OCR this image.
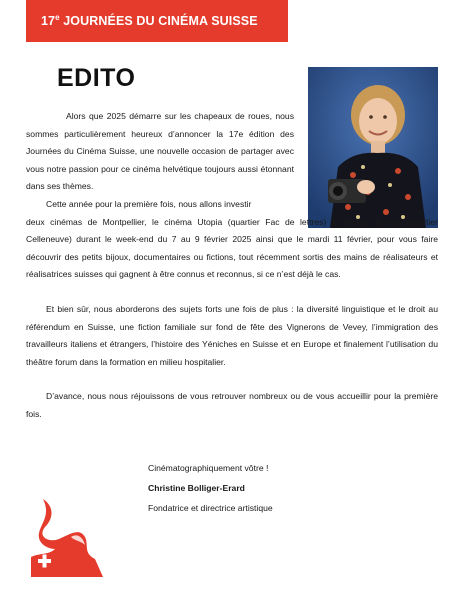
17e JOURNÉES DU CINÉMA SUISSE
EDITO

Alors que 2025 démarre sur les chapeaux de roues, nous sommes particulièrement heureux d’annoncer la 17e édition des Journées du Cinéma Suisse, une nouvelle occasion de partager avec vous notre passion pour ce cinéma helvétique toujours aussi étonnant dans ses thèmes.

Cette année pour la première fois, nous allons investir

deux cinémas de Montpellier, le cinéma Utopia (quartier Fac de lettres) et Nestor Burma (quartier Celleneuve) durant le week-end du 7 au 9 février 2025 ainsi que le mardi 11 février, pour vous faire découvrir des petits bijoux, documentaires ou fictions, tout récemment sortis des mains de réalisateurs et réalisatrices suisses qui gagnent à être connus et reconnus, si ce n’est déjà le cas.

Et bien sûr, nous aborderons des sujets forts une fois de plus : la diversité linguistique et le droit au référendum en Suisse, une fiction familiale sur fond de fête des Vignerons de Vevey, l’immigration des travailleurs italiens et étrangers, l’histoire des Yéniches en Suisse et en Europe et finalement l’utilisation du théâtre forum dans la formation en milieu hospitalier.

D’avance, nous nous réjouissons de vous retrouver nombreux ou de vous accueillir pour la première fois.

Cinématographiquement vôtre !
Christine Bolliger-Erard
Fondatrice et directrice artistique
